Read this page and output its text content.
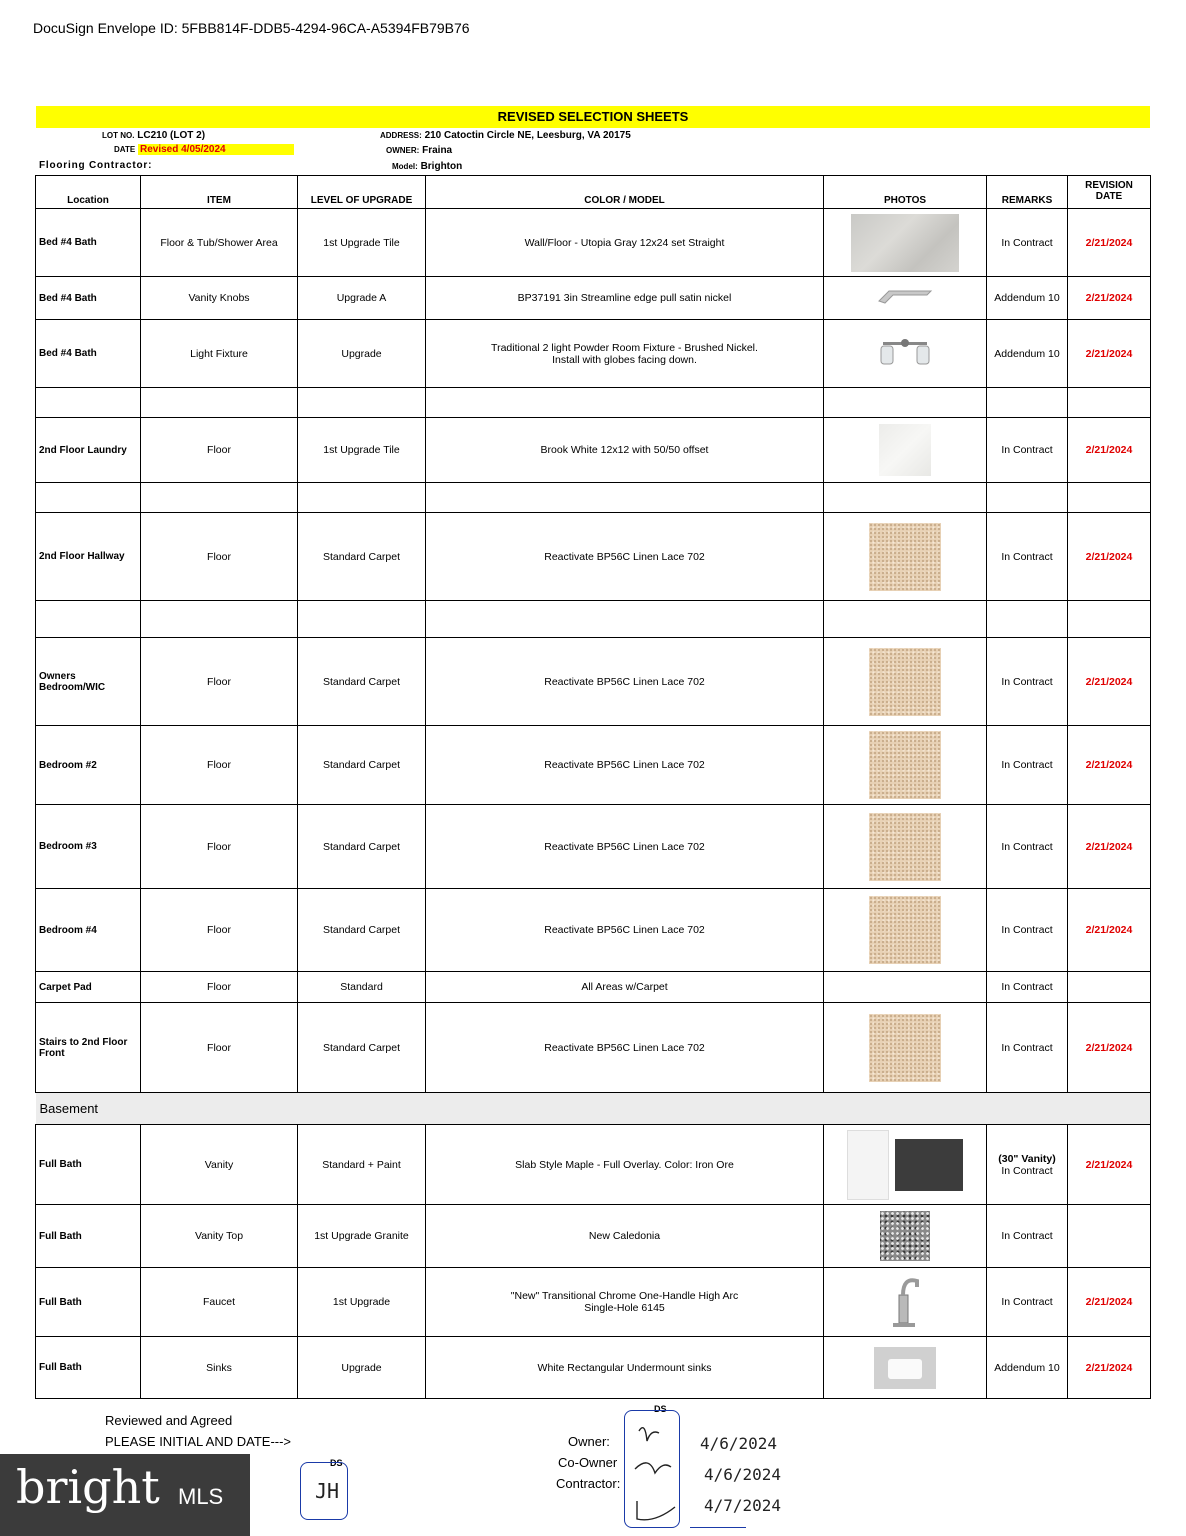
DocuSign Envelope ID: 5FBB814F-DDB5-4294-96CA-A5394FB79B76
REVISED SELECTION SHEETS
LOT NO. LC210 (LOT 2)
DATE Revised 4/05/2024
Flooring Contractor:
ADDRESS: 210 Catoctin Circle NE, Leesburg, VA 20175
OWNER: Fraina
Model: Brighton
Location	ITEM	LEVEL OF UPGRADE	COLOR / MODEL	PHOTOS	REMARKS	REVISION DATE
Bed #4 Bath	Floor & Tub/Shower Area	1st Upgrade Tile	Wall/Floor - Utopia Gray 12x24 set Straight		In Contract	2/21/2024
Bed #4 Bath	Vanity Knobs	Upgrade A	BP37191 3in Streamline edge pull satin nickel		Addendum 10	2/21/2024
Bed #4 Bath	Light Fixture	Upgrade	Traditional 2 light Powder Room Fixture - Brushed Nickel.
Install with globes facing down.		Addendum 10	2/21/2024

2nd Floor Laundry	Floor	1st Upgrade Tile	Brook White 12x12 with 50/50 offset		In Contract	2/21/2024

2nd Floor Hallway	Floor	Standard Carpet	Reactivate BP56C Linen Lace 702		In Contract	2/21/2024

Owners Bedroom/WIC	Floor	Standard Carpet	Reactivate BP56C Linen Lace 702		In Contract	2/21/2024
Bedroom #2	Floor	Standard Carpet	Reactivate BP56C Linen Lace 702		In Contract	2/21/2024
Bedroom #3	Floor	Standard Carpet	Reactivate BP56C Linen Lace 702		In Contract	2/21/2024
Bedroom #4	Floor	Standard Carpet	Reactivate BP56C Linen Lace 702		In Contract	2/21/2024
Carpet Pad	Floor	Standard	All Areas w/Carpet		In Contract	
Stairs to 2nd Floor Front	Floor	Standard Carpet	Reactivate BP56C Linen Lace 702		In Contract	2/21/2024
Basement						
Full Bath	Vanity	Standard + Paint	Slab Style Maple - Full Overlay. Color: Iron Ore		(30" Vanity)
In Contract	2/21/2024
Full Bath	Vanity Top	1st Upgrade Granite	New Caledonia		In Contract	
Full Bath	Faucet	1st Upgrade	"New" Transitional Chrome One-Handle High Arc
Single-Hole 6145		In Contract	2/21/2024
Full Bath	Sinks	Upgrade	White Rectangular Undermount sinks		Addendum 10	2/21/2024
Reviewed and Agreed
PLEASE INITIAL AND DATE--->
DS
JH
Owner:
Co-Owner
Contractor:
DS
4/6/2024
4/6/2024
4/7/2024
bright MLS
